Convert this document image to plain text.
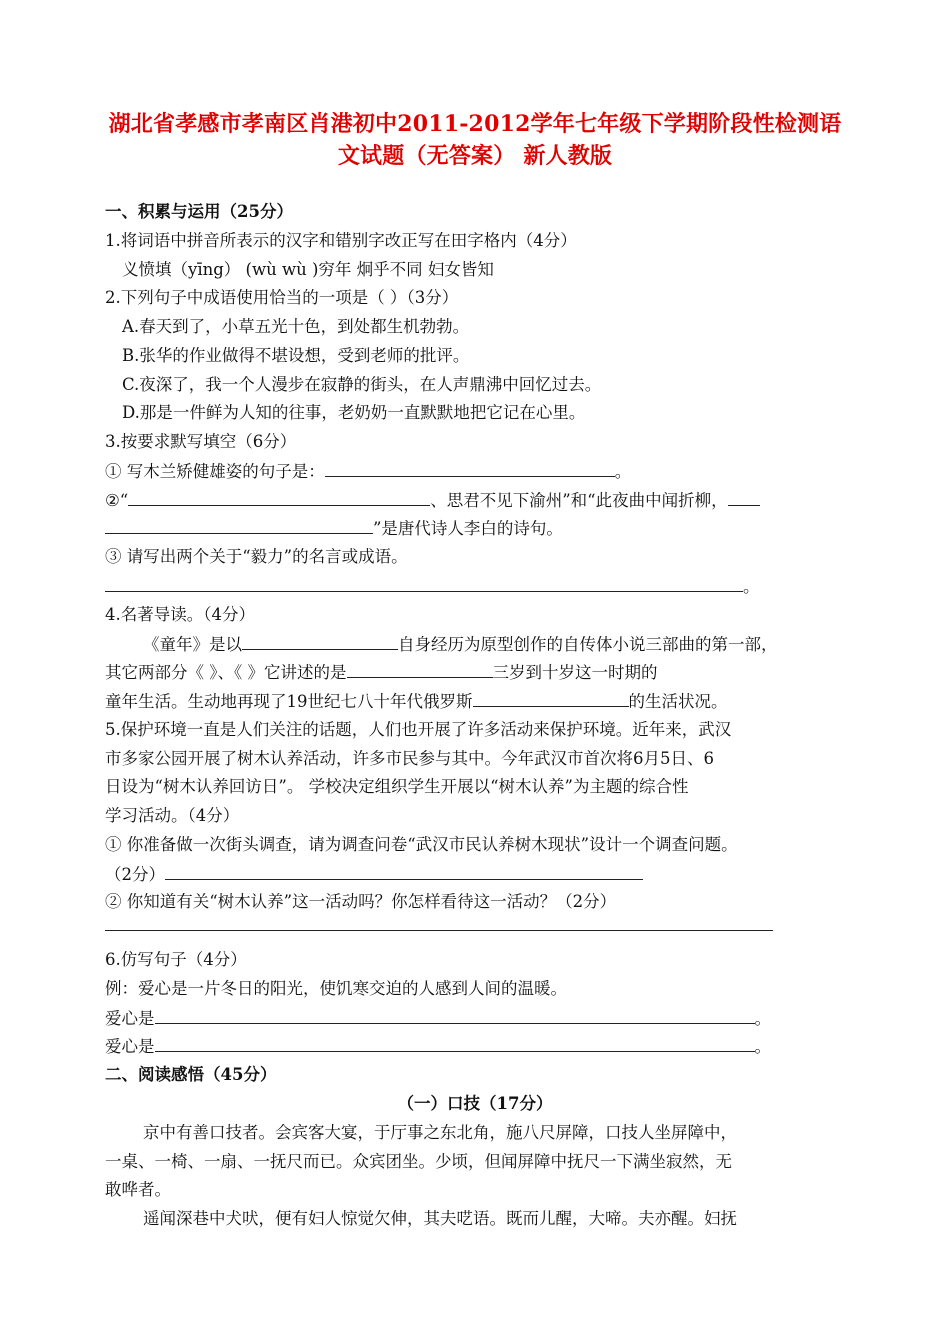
湖北省孝感市孝南区肖港初中2011-2012学年七年级下学期阶段性检测语
文试题（无答案） 新人教版
一、积累与运用（25分）
1.将词语中拼音所表示的汉字和错别字改正写在田字格内（4分）
义愤填（yīng） (wù wù )穷年 炯乎不同 妇女皆知
2.下列句子中成语使用恰当的一项是（ ）（3分）
A.春天到了，小草五光十色，到处都生机勃勃。
B.张华的作业做得不堪设想，受到老师的批评。
C.夜深了，我一个人漫步在寂静的街头，在人声鼎沸中回忆过去。
D.那是一件鲜为人知的往事，老奶奶一直默默地把它记在心里。
3.按要求默写填空（6分）
① 写木兰矫健雄姿的句子是：	。
②“	、思君不见下渝州”和“此夜曲中闻折柳，
”是唐代诗人李白的诗句。
③ 请写出两个关于“毅力”的名言或成语。
。
4.名著导读。（4分）
《童年》是以	自身经历为原型创作的自传体小说三部曲的第一部，
其它两部分《 》、《 》它讲述的是	三岁到十岁这一时期的
童年生活。生动地再现了19世纪七八十年代俄罗斯	的生活状况。
5.保护环境一直是人们关注的话题，人们也开展了许多活动来保护环境。近年来，武汉
市多家公园开展了树木认养活动，许多市民参与其中。今年武汉市首次将6月5日、6
日设为“树木认养回访日”。 学校决定组织学生开展以“树木认养”为主题的综合性
学习活动。（4分）
① 你准备做一次街头调查，请为调查问卷“武汉市民认养树木现状”设计一个调查问题。
（2分）
② 你知道有关“树木认养”这一活动吗？你怎样看待这一活动？（2分）
6.仿写句子（4分）
例：爱心是一片冬日的阳光，使饥寒交迫的人感到人间的温暖。
爱心是	。
爱心是	。
二、阅读感悟（45分）
（一）口技（17分）
京中有善口技者。会宾客大宴，于厅事之东北角，施八尺屏障，口技人坐屏障中，
一桌、一椅、一扇、一抚尺而已。众宾团坐。少顷，但闻屏障中抚尺一下满坐寂然，无
敢哗者。
遥闻深巷中犬吠，便有妇人惊觉欠伸，其夫呓语。既而儿醒，大啼。夫亦醒。妇抚
